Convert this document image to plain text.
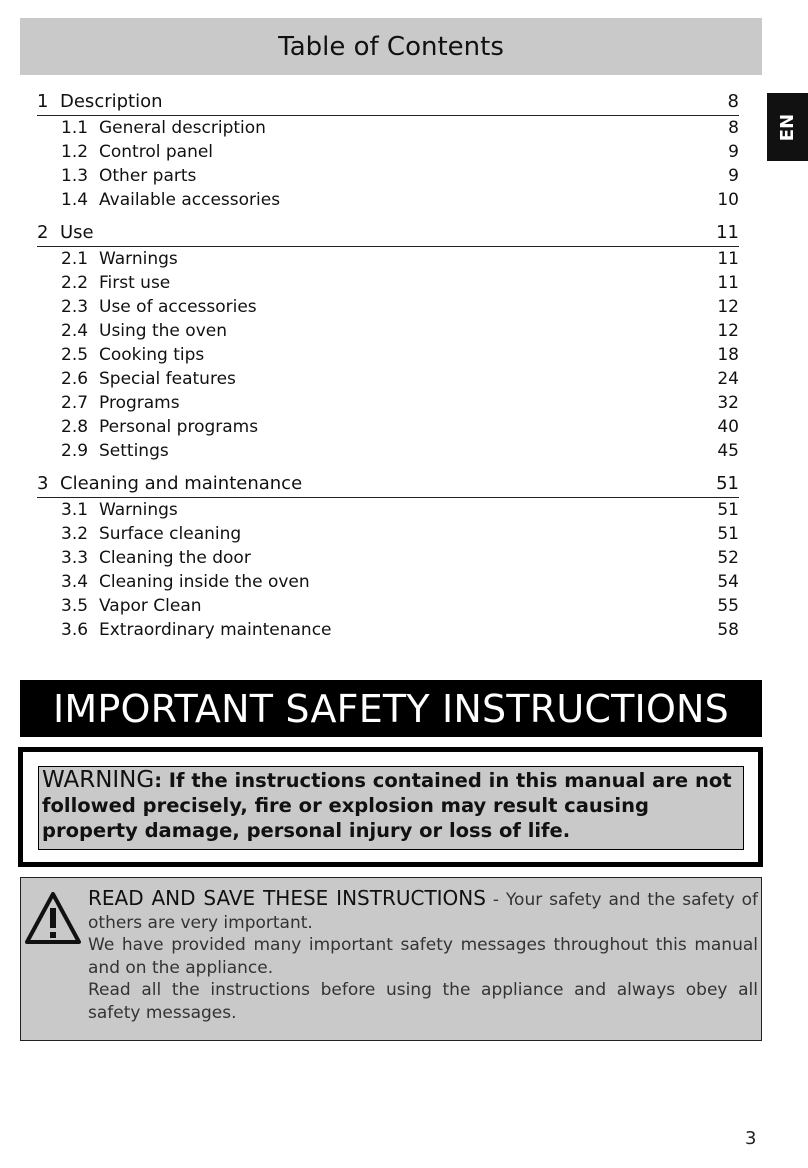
Table of Contents
EN
1 Description	8
1.1 General description	8
1.2 Control panel	9
1.3 Other parts	9
1.4 Available accessories	10
2 Use	11
2.1 Warnings	11
2.2 First use	11
2.3 Use of accessories	12
2.4 Using the oven	12
2.5 Cooking tips	18
2.6 Special features	24
2.7 Programs	32
2.8 Personal programs	40
2.9 Settings	45
3 Cleaning and maintenance	51
3.1 Warnings	51
3.2 Surface cleaning	51
3.3 Cleaning the door	52
3.4 Cleaning inside the oven	54
3.5 Vapor Clean	55
3.6 Extraordinary maintenance	58
IMPORTANT SAFETY INSTRUCTIONS
WARNING: If the instructions contained in this manual are not followed precisely, fire or explosion may result causing property damage, personal injury or loss of life.
READ AND SAVE THESE INSTRUCTIONS - Your safety and the safety of others are very important.
We have provided many important safety messages throughout this manual and on the appliance.
Read all the instructions before using the appliance and always obey all safety messages.
3
